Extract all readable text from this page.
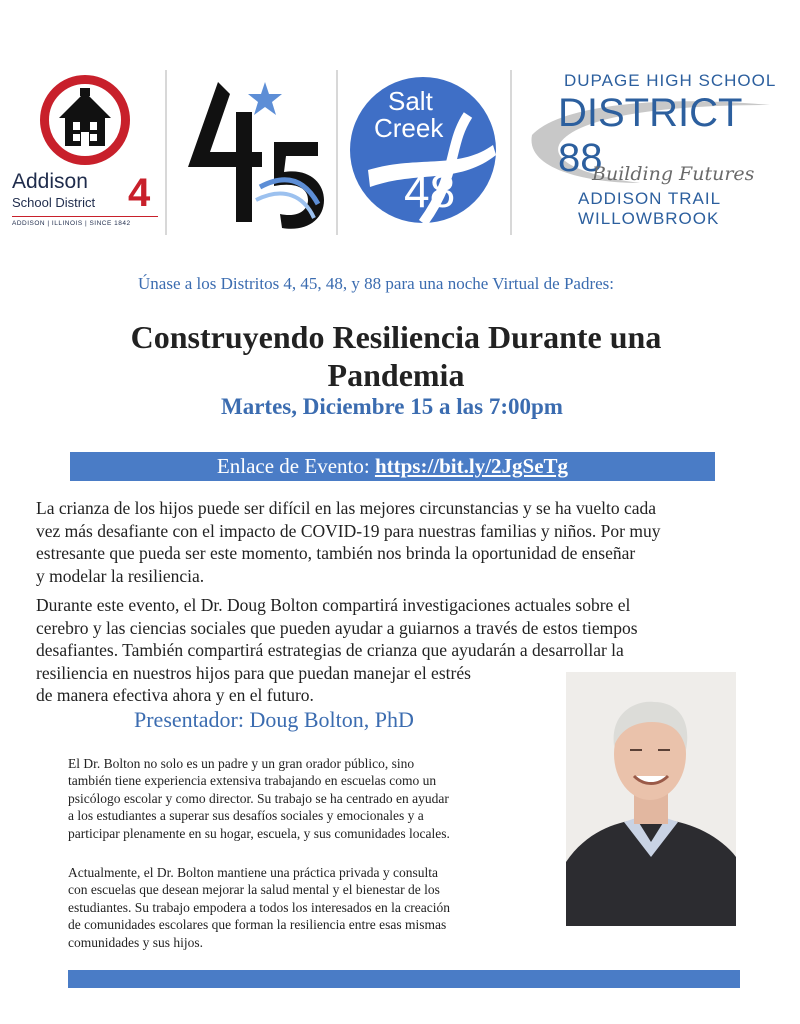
Addison
School District 4
ADDISON | ILLINOIS | SINCE 1842
Salt
Creek
48
DUPAGE HIGH SCHOOL
DISTRICT 88
Building Futures
ADDISON TRAIL
WILLOWBROOK
Únase a los Distritos 4, 45, 48, y 88 para una noche Virtual de Padres:
Construyendo Resiliencia Durante una
Pandemia
Martes, Diciembre 15 a las 7:00pm
Enlace de Evento: https://bit.ly/2JgSeTg
La crianza de los hijos puede ser difícil en las mejores circunstancias y se ha vuelto cada
vez más desafiante con el impacto de COVID-19 para nuestras familias y niños. Por muy
estresante que pueda ser este momento, también nos brinda la oportunidad de enseñar
y modelar la resiliencia.
Durante este evento, el Dr. Doug Bolton compartirá investigaciones actuales sobre el
cerebro y las ciencias sociales que pueden ayudar a guiarnos a través de estos tiempos
desafiantes. También compartirá estrategias de crianza que ayudarán a desarrollar la
resiliencia en nuestros hijos para que puedan manejar el estrés
de manera efectiva ahora y en el futuro.
Presentador: Doug Bolton, PhD
El Dr. Bolton no solo es un padre y un gran orador público, sino
también tiene experiencia extensiva trabajando en escuelas como un
psicólogo escolar y como director. Su trabajo se ha centrado en ayudar
a los estudiantes a superar sus desafíos sociales y emocionales y a
participar plenamente en su hogar, escuela, y sus comunidades locales.
Actualmente, el Dr. Bolton mantiene una práctica privada y consulta
con escuelas que desean mejorar la salud mental y el bienestar de los
estudiantes. Su trabajo empodera a todos los interesados en la creación
de comunidades escolares que forman la resiliencia entre esas mismas
comunidades y sus hijos.
